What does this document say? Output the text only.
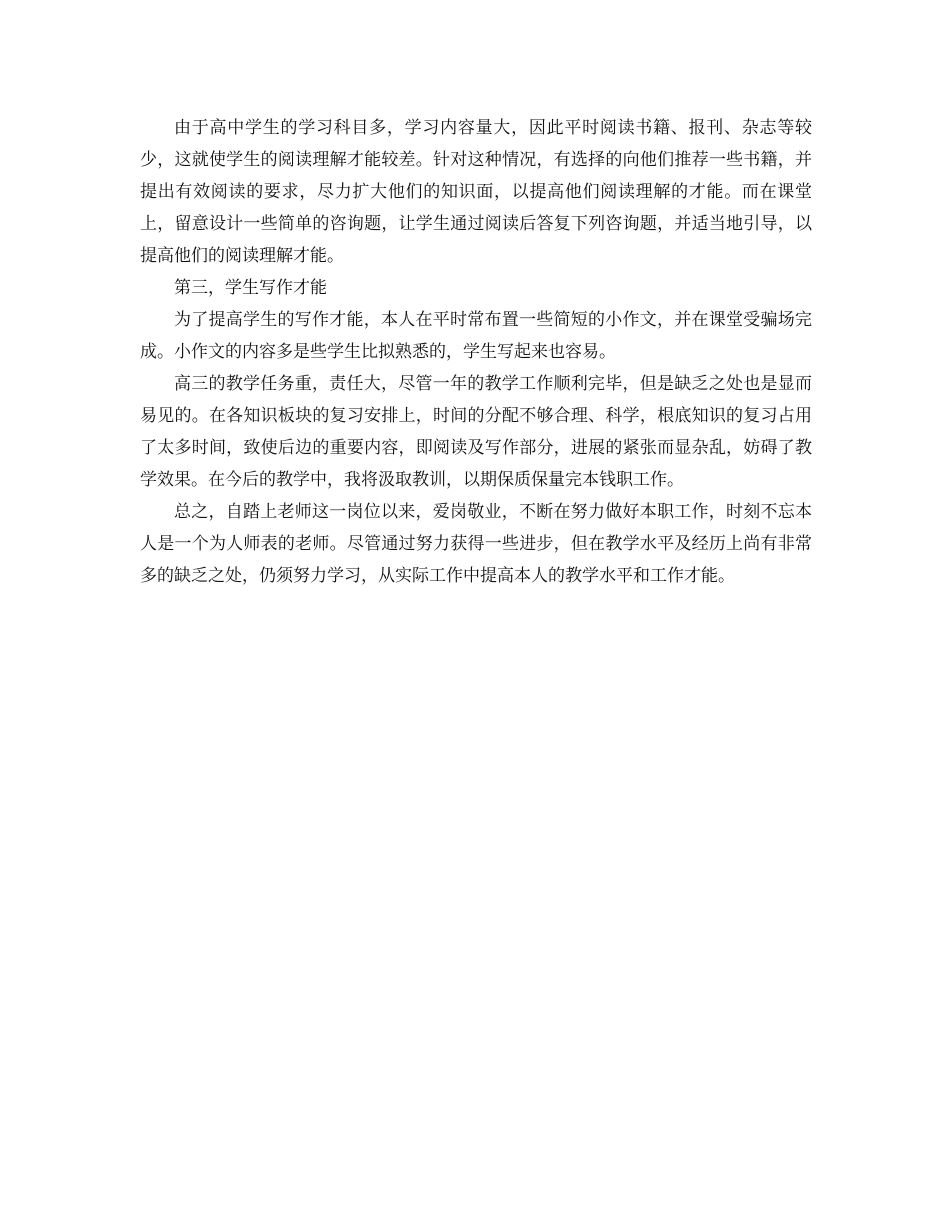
由于高中学生的学习科目多，学习内容量大，因此平时阅读书籍、报刊、杂志等较少，这就使学生的阅读理解才能较差。针对这种情况，有选择的向他们推荐一些书籍，并提出有效阅读的要求，尽力扩大他们的知识面，以提高他们阅读理解的才能。而在课堂上，留意设计一些简单的咨询题，让学生通过阅读后答复下列咨询题，并适当地引导，以提高他们的阅读理解才能。

第三，学生写作才能

为了提高学生的写作才能，本人在平时常布置一些简短的小作文，并在课堂受骗场完成。小作文的内容多是些学生比拟熟悉的，学生写起来也容易。

高三的教学任务重，责任大，尽管一年的教学工作顺利完毕，但是缺乏之处也是显而易见的。在各知识板块的复习安排上，时间的分配不够合理、科学，根底知识的复习占用了太多时间，致使后边的重要内容，即阅读及写作部分，进展的紧张而显杂乱，妨碍了教学效果。在今后的教学中，我将汲取教训，以期保质保量完本钱职工作。

总之，自踏上老师这一岗位以来，爱岗敬业，不断在努力做好本职工作，时刻不忘本人是一个为人师表的老师。尽管通过努力获得一些进步，但在教学水平及经历上尚有非常多的缺乏之处，仍须努力学习，从实际工作中提高本人的教学水平和工作才能。
